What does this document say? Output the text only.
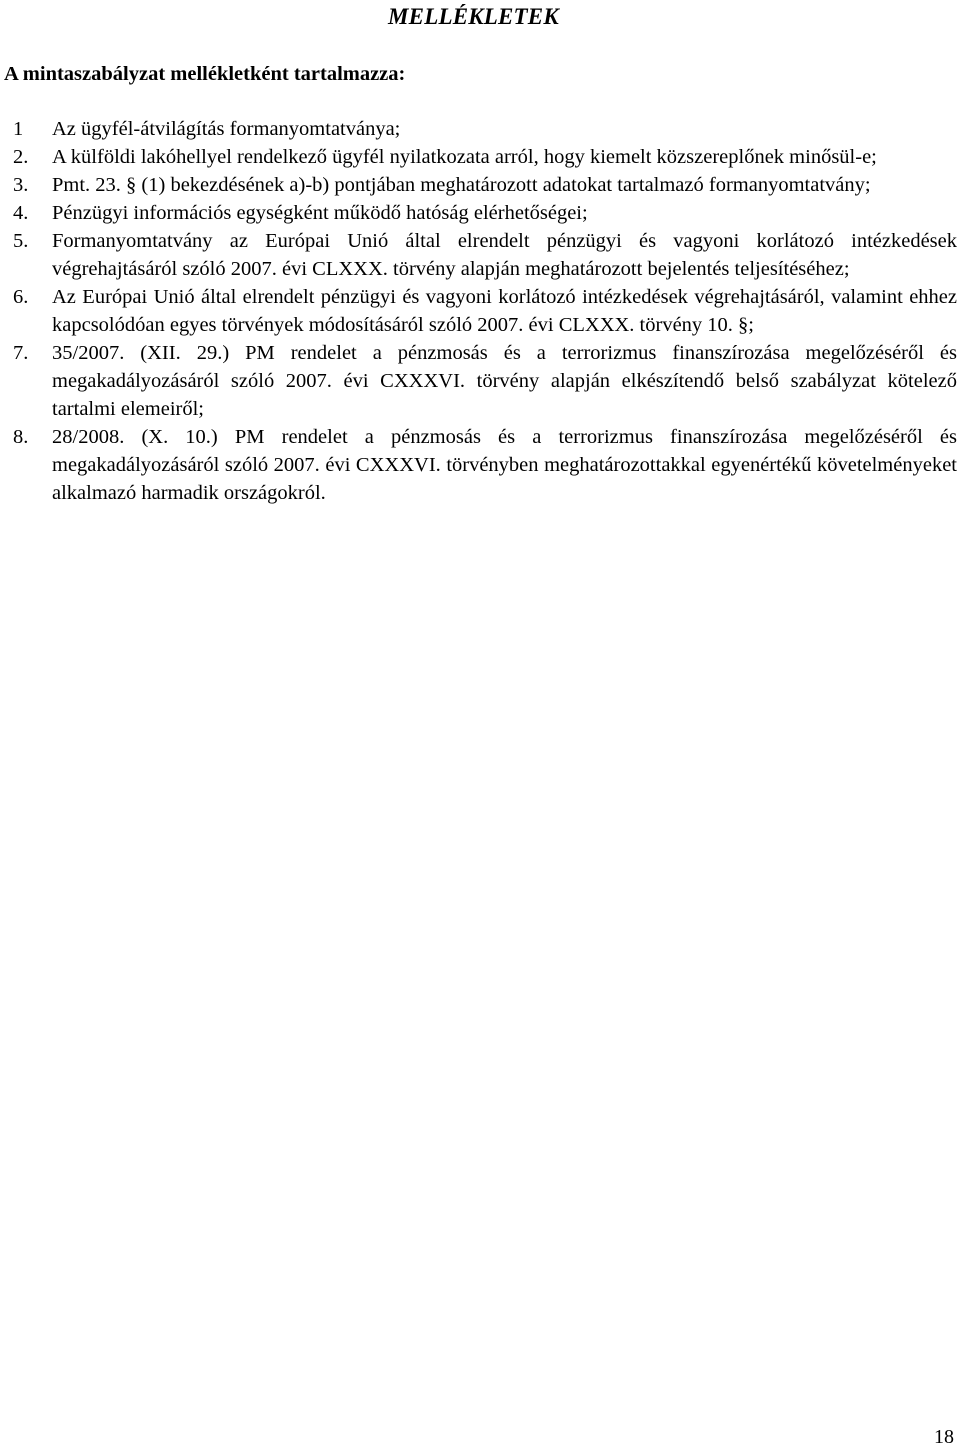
MELLÉKLETEK
A mintaszabályzat mellékletként tartalmazza:
1 Az ügyfél-átvilágítás formanyomtatványa;
2. A külföldi lakóhellyel rendelkező ügyfél nyilatkozata arról, hogy kiemelt közszereplőnek minősül-e;
3. Pmt. 23. § (1) bekezdésének a)-b) pontjában meghatározott adatokat tartalmazó formanyomtatvány;
4. Pénzügyi információs egységként működő hatóság elérhetőségei;
5. Formanyomtatvány az Európai Unió által elrendelt pénzügyi és vagyoni korlátozó intézkedések végrehajtásáról szóló 2007. évi CLXXX. törvény alapján meghatározott bejelentés teljesítéséhez;
6. Az Európai Unió által elrendelt pénzügyi és vagyoni korlátozó intézkedések végrehajtásáról, valamint ehhez kapcsolódóan egyes törvények módosításáról szóló 2007. évi CLXXX. törvény 10. §;
7. 35/2007. (XII. 29.) PM rendelet a pénzmosás és a terrorizmus finanszírozása megelőzéséről és megakadályozásáról szóló 2007. évi CXXXVI. törvény alapján elkészítendő belső szabályzat kötelező tartalmi elemeiről;
8. 28/2008. (X. 10.) PM rendelet a pénzmosás és a terrorizmus finanszírozása megelőzéséről és megakadályozásáról szóló 2007. évi CXXXVI. törvényben meghatározottakkal egyenértékű követelményeket alkalmazó harmadik országokról.
18
